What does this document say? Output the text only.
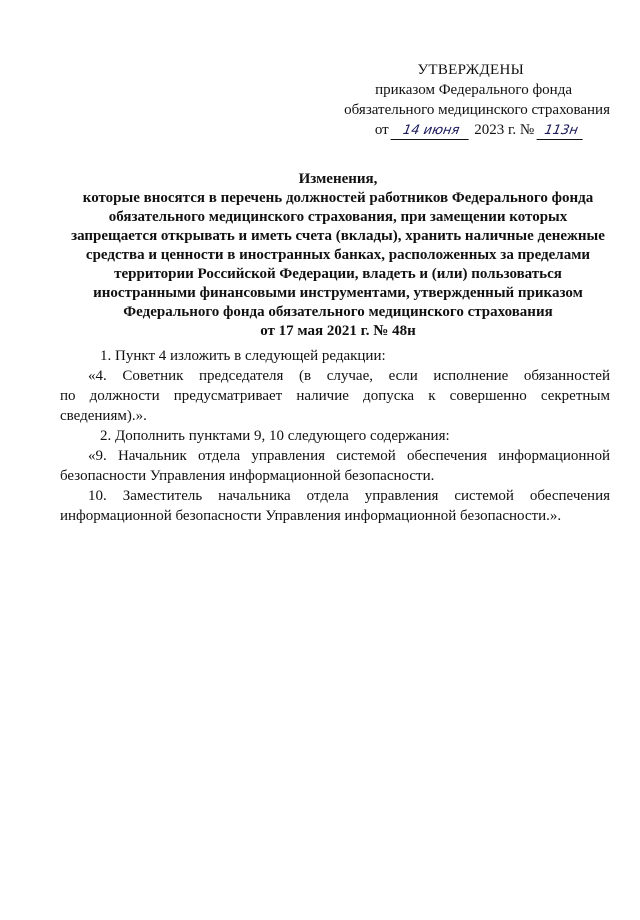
УТВЕРЖДЕНЫ
приказом Федерального фонда
обязательного медицинского страхования
от 14 июня 2023 г. № 113н
Изменения,
которые вносятся в перечень должностей работников Федерального фонда
обязательного медицинского страхования, при замещении которых
запрещается открывать и иметь счета (вклады), хранить наличные денежные
средства и ценности в иностранных банках, расположенных за пределами
территории Российской Федерации, владеть и (или) пользоваться
иностранными финансовыми инструментами, утвержденный приказом
Федерального фонда обязательного медицинского страхования
от 17 мая 2021 г. № 48н

1. Пункт 4 изложить в следующей редакции:

«4. Советник председателя (в случае, если исполнение обязанностей

по должности предусматривает наличие допуска к совершенно секретным

сведениям).».

2. Дополнить пунктами 9, 10 следующего содержания:

«9. Начальник отдела управления системой обеспечения информационной

безопасности Управления информационной безопасности.

10. Заместитель начальника отдела управления системой обеспечения

информационной безопасности Управления информационной безопасности.».
